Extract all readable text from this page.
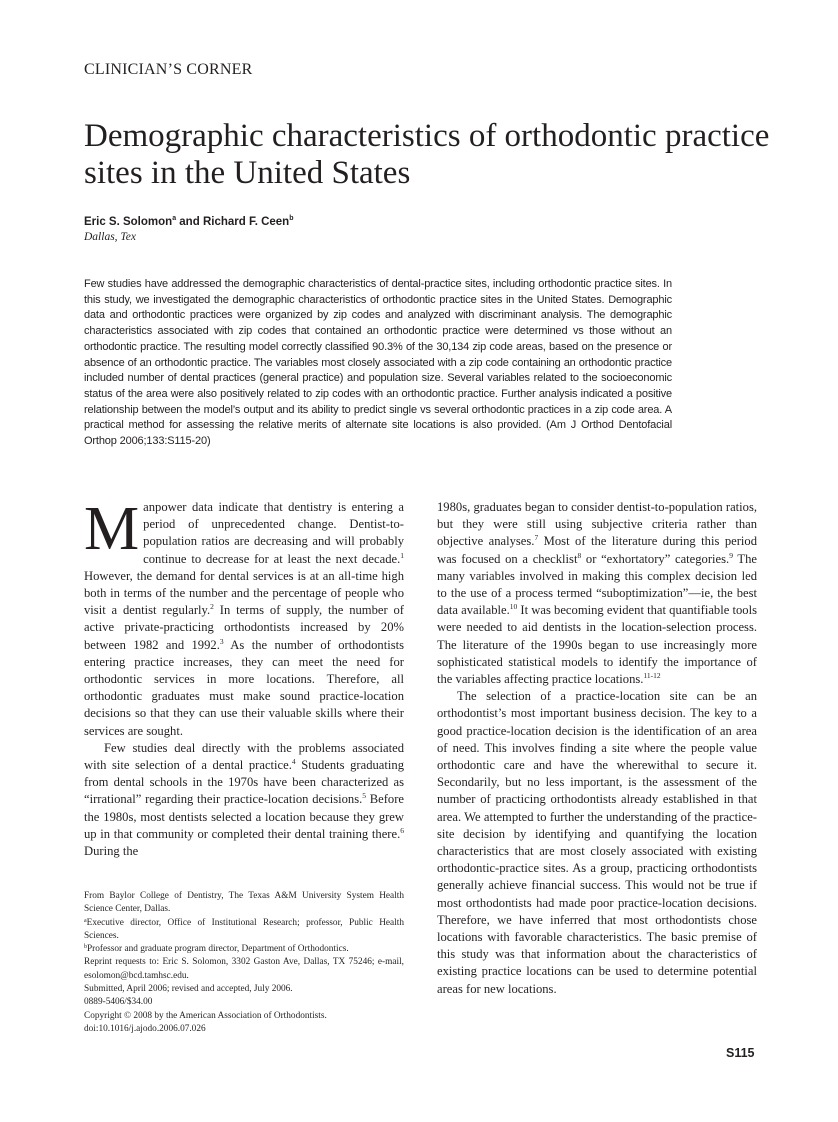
CLINICIAN’S CORNER
Demographic characteristics of orthodontic practice sites in the United States
Eric S. Solomon$^a$ and Richard F. Ceen$^b$
Dallas, Tex

Few studies have addressed the demographic characteristics of dental-practice sites, including orthodontic practice sites. In this study, we investigated the demographic characteristics of orthodontic practice sites in the United States. Demographic data and orthodontic practices were organized by zip codes and analyzed with discriminant analysis. The demographic characteristics associated with zip codes that contained an orthodontic practice were determined vs those without an orthodontic practice. The resulting model correctly classified 90.3% of the 30,134 zip code areas, based on the presence or absence of an orthodontic practice. The variables most closely associated with a zip code containing an orthodontic practice included number of dental practices (general practice) and population size. Several variables related to the socioeconomic status of the area were also positively related to zip codes with an orthodontic practice. Further analysis indicated a positive relationship between the model’s output and its ability to predict single vs several orthodontic practices in a zip code area. A practical method for assessing the relative merits of alternate site locations is also provided. (Am J Orthod Dentofacial Orthop 2006;133:S115-20)

Manpower data indicate that dentistry is entering a period of unprecedented change. Dentist-to-population ratios are decreasing and will probably continue to decrease for at least the next decade.$^1$ However, the demand for dental services is at an all-time high both in terms of the number and the percentage of people who visit a dentist regularly.$^2$ In terms of supply, the number of active private-practicing orthodontists increased by 20% between 1982 and 1992.$^3$ As the number of orthodontists entering practice increases, they can meet the need for orthodontic services in more locations. Therefore, all orthodontic graduates must make sound practice-location decisions so that they can use their valuable skills where their services are sought.

Few studies deal directly with the problems associated with site selection of a dental practice.$^4$ Students graduating from dental schools in the 1970s have been characterized as “irrational” regarding their practice-location decisions.$^5$ Before the 1980s, most dentists selected a location because they grew up in that community or completed their dental training there.$^6$ During the

1980s, graduates began to consider dentist-to-population ratios, but they were still using subjective criteria rather than objective analyses.$^7$ Most of the literature during this period was focused on a checklist$^8$ or “exhortatory” categories.$^9$ The many variables involved in making this complex decision led to the use of a process termed “suboptimization”—ie, the best data available.$^{10}$ It was becoming evident that quantifiable tools were needed to aid dentists in the location-selection process. The literature of the 1990s began to use increasingly more sophisticated statistical models to identify the importance of the variables affecting practice locations.$^{11-12}$

The selection of a practice-location site can be an orthodontist’s most important business decision. The key to a good practice-location decision is the identification of an area of need. This involves finding a site where the people value orthodontic care and have the wherewithal to secure it. Secondarily, but no less important, is the assessment of the number of practicing orthodontists already established in that area. We attempted to further the understanding of the practice-site decision by identifying and quantifying the location characteristics that are most closely associated with existing orthodontic-practice sites. As a group, practicing orthodontists generally achieve financial success. This would not be true if most orthodontists had made poor practice-location decisions. Therefore, we have inferred that most orthodontists chose locations with favorable characteristics. The basic premise of this study was that information about the characteristics of existing practice locations can be used to determine potential areas for new locations.

From Baylor College of Dentistry, The Texas A&M University System Health Science Center, Dallas.
$^a$Executive director, Office of Institutional Research; professor, Public Health Sciences.
$^b$Professor and graduate program director, Department of Orthodontics.
Reprint requests to: Eric S. Solomon, 3302 Gaston Ave, Dallas, TX 75246; e-mail, esolomon@bcd.tamhsc.edu.
Submitted, April 2006; revised and accepted, July 2006.
0889-5406/$34.00
Copyright © 2008 by the American Association of Orthodontists.
doi:10.1016/j.ajodo.2006.07.026
S115
